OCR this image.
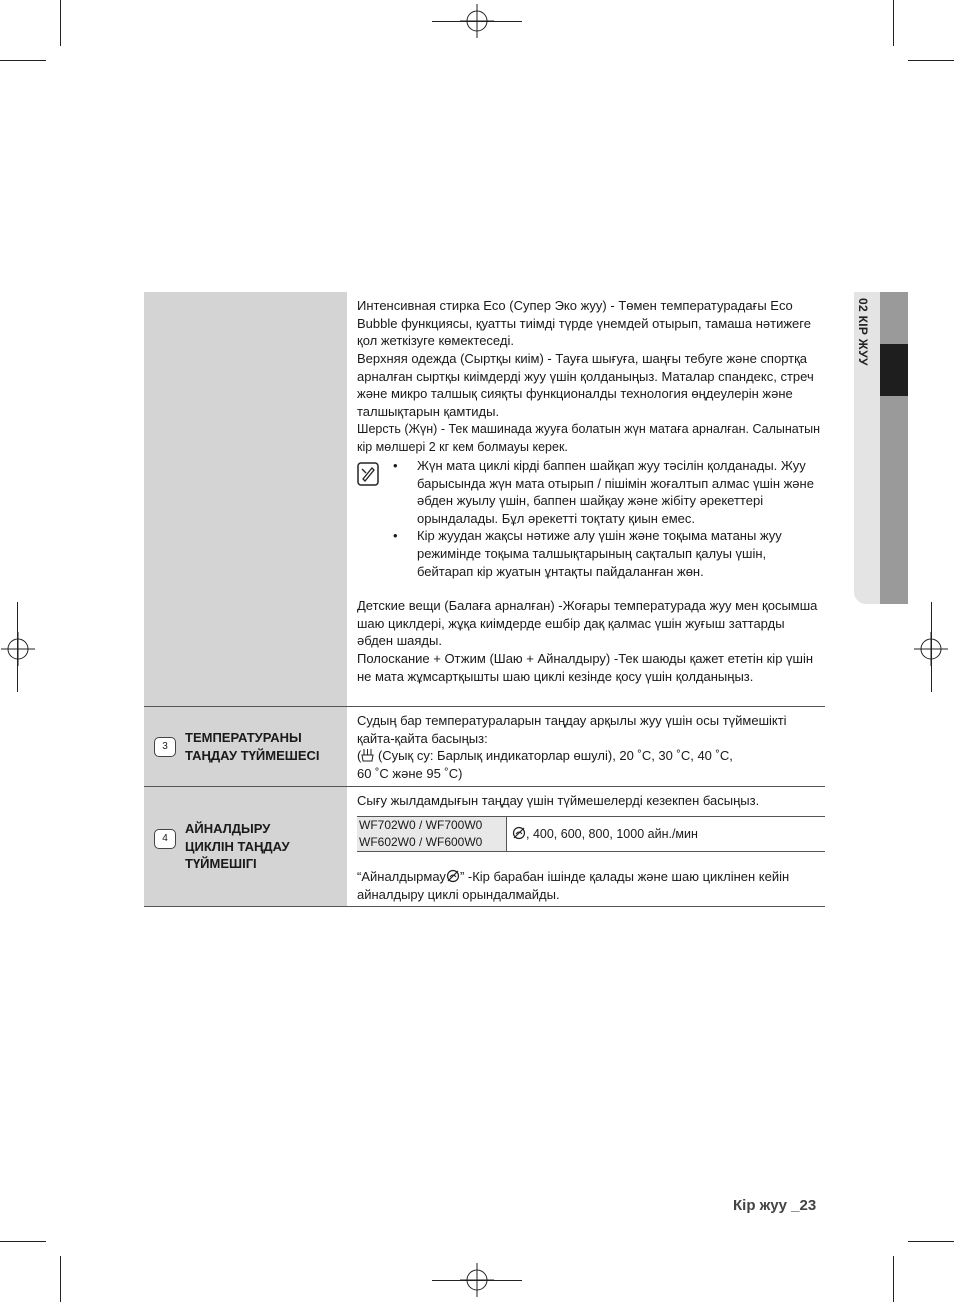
02 КІР ЖУУ

Интенсивная стирка Eco (Супер Эко жуу) - Төмен температурадағы Eco Bubble функциясы, қуатты тиімді түрде үнемдей отырып, тамаша нәтижеге қол жеткізуге көмектеседі.

Верхняя одежда (Сыртқы киім) - Тауға шығуға, шаңғы тебуге және спортқа арналған сыртқы киімдерді жуу үшін қолданыңыз. Маталар спандекс, стреч және микро талшық сияқты функционалды технология өңдеулерін және талшықтарын қамтиды.

Шерсть (Жүн) - Тек машинада жууға болатын жүн матаға арналған. Салынатын кір мөлшері 2 кг кем болмауы керек.

• Жүн мата циклі кірді баппен шайқап жуу тәсілін қолданады. Жуу барысында жүн мата отырып / пішімін жоғалтып алмас үшін және әбден жуылу үшін, баппен шайқау және жібіту әрекеттері орындалады. Бұл әрекетті тоқтату қиын емес.
• Кір жуудан жақсы нәтиже алу үшін және тоқыма матаны жуу режимінде тоқыма талшықтарының сақталып қалуы үшін, бейтарап кір жуатын ұнтақты пайдаланған жөн.

Детские вещи (Балаға арналған) -Жоғары температурада жуу мен қосымша шаю циклдері, жұқа киімдерде ешбір дақ қалмас үшін жуғыш заттарды әбден шаяды.

Полоскание + Отжим (Шаю + Айналдыру) -Тек шаюды қажет ететін кір үшін не мата жұмсартқышты шаю циклі кезінде қосу үшін қолданыңыз.

3
ТЕМПЕРАТУРАНЫ
ТАҢДАУ ТҮЙМЕШЕСІ

Судың бар температураларын таңдау арқылы жуу үшін осы түймешікті қайта-қайта басыңыз:

( (Суық су: Барлық индикаторлар өшулі), 20 ˚C, 30 ˚C, 40 ˚C,
60 ˚C және 95 ˚C)
4
АЙНАЛДЫРУ
ЦИКЛІН ТАҢДАУ
ТҮЙМЕШІГІ

Сығу жылдамдығын таңдау үшін түймешелерді кезекпен басыңыз.

WF702W0 / WF700W0
WF602W0 / WF600W0
, 400, 600, 800, 1000 айн./мин

“Айналдырмау ” -Кір барабан ішінде қалады және шаю циклінен кейін айналдыру циклі орындалмайды.

Кір жуу _23
